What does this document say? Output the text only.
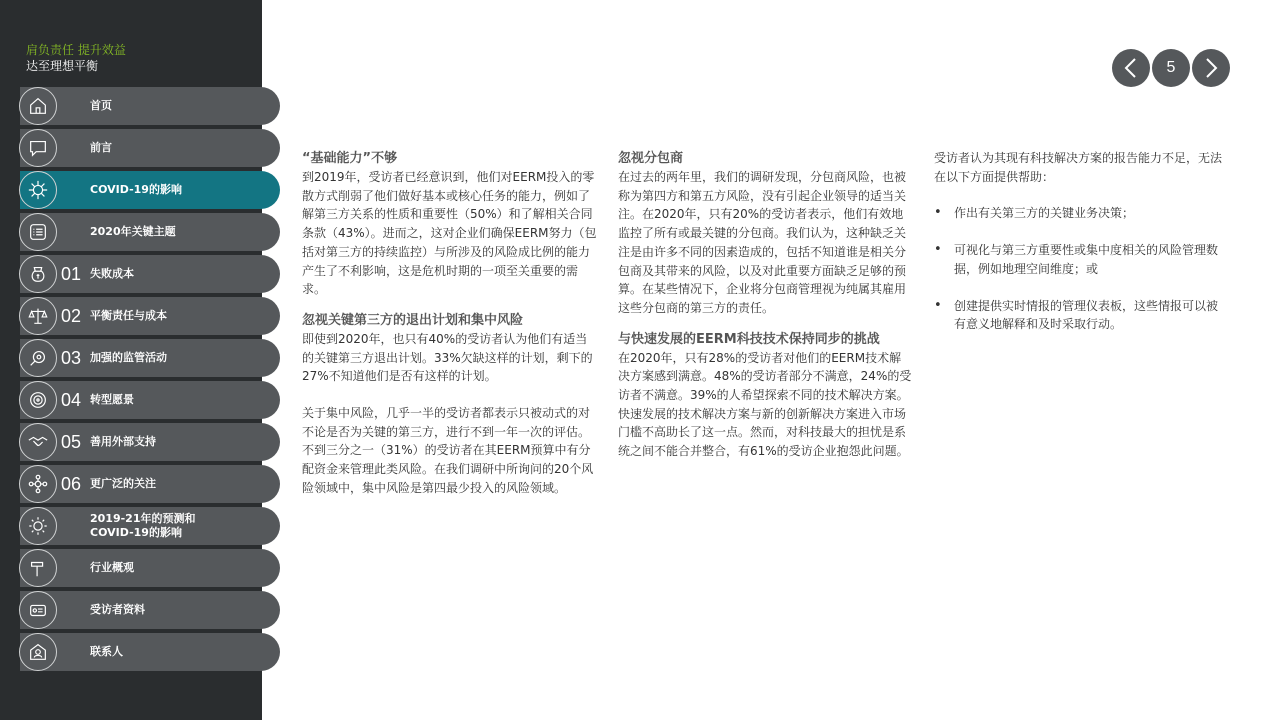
肩负责任 提升效益
达至理想平衡
首页
前言
COVID-19的影响
2020年关键主题
01 失败成本
02 平衡责任与成本
03 加强的监管活动
04 转型愿景
05 善用外部支持
06 更广泛的关注
2019-21年的预测和
COVID-19的影响
行业概观
受访者资料
联系人
5
“基础能力”不够

到2019年，受访者已经意识到，他们对EERM投入的零散方式削弱了他们做好基本或核心任务的能力，例如了解第三方关系的性质和重要性（50%）和了解相关合同条款（43%）。进而之，这对企业们确保EERM努力（包括对第三方的持续监控）与所涉及的风险成比例的能力产生了不利影响，这是危机时期的一项至关重要的需求。

忽视关键第三方的退出计划和集中风险

即使到2020年，也只有40%的受访者认为他们有适当的关键第三方退出计划。33%欠缺这样的计划，剩下的27%不知道他们是否有这样的计划。

关于集中风险，几乎一半的受访者都表示只被动式的对不论是否为关键的第三方，进行不到一年一次的评估。不到三分之一（31%）的受访者在其EERM预算中有分配资金来管理此类风险。在我们调研中所询问的20个风险领域中，集中风险是第四最少投入的风险领域。

忽视分包商

在过去的两年里，我们的调研发现，分包商风险，也被称为第四方和第五方风险，没有引起企业领导的适当关注。在2020年，只有20%的受访者表示，他们有效地监控了所有或最关键的分包商。我们认为，这种缺乏关注是由许多不同的因素造成的，包括不知道谁是相关分包商及其带来的风险，以及对此重要方面缺乏足够的预算。在某些情况下，企业将分包商管理视为纯属其雇用这些分包商的第三方的责任。

与快速发展的EERM科技技术保持同步的挑战

在2020年，只有28%的受访者对他们的EERM技术解决方案感到满意。48%的受访者部分不满意，24%的受访者不满意。39%的人希望探索不同的技术解决方案。快速发展的技术解决方案与新的创新解决方案进入市场门槛不高助长了这一点。然而，对科技最大的担忧是系统之间不能合并整合，有61%的受访企业抱怨此问题。

受访者认为其现有科技解决方案的报告能力不足，无法在以下方面提供帮助：

• 作出有关第三方的关键业务决策；
• 可视化与第三方重要性或集中度相关的风险管理数据，例如地理空间维度；或
• 创建提供实时情报的管理仪表板，这些情报可以被有意义地解释和及时采取行动。
